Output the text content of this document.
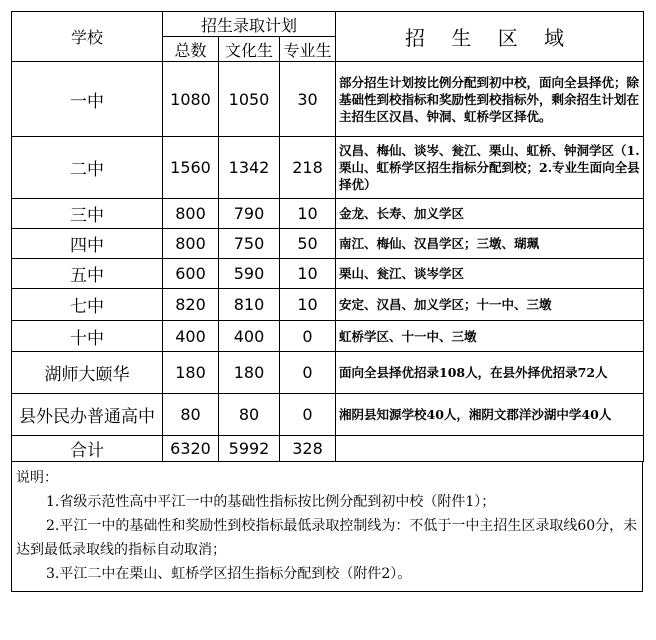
学校	招生录取计划			招 生 区 域
	总数	文化生	专业生	
一中	1080	1050	30	部分招生计划按比例分配到初中校，面向全县择优；除基础性到校指标和奖励性到校指标外，剩余招生计划在主招生区汉昌、钟洞、虹桥学区择优。
二中	1560	1342	218	汉昌、梅仙、谈岑、瓮江、栗山、虹桥、钟洞学区（1.栗山、虹桥学区招生指标分配到校；2.专业生面向全县择优）
三中	800	790	10	金龙、长寿、加义学区
四中	800	750	50	南江、梅仙、汉昌学区；三墩、瑚珮
五中	600	590	10	栗山、瓮江、谈岑学区
七中	820	810	10	安定、汉昌、加义学区；十一中、三墩
十中	400	400	0	虹桥学区、十一中、三墩
湖师大颐华	180	180	0	面向全县择优招录108人，在县外择优招录72人
县外民办普通高中	80	80	0	湘阴县知源学校40人，湘阴文郡洋沙湖中学40人
合计	6320	5992	328	

说明：

1.省级示范性高中平江一中的基础性指标按比例分配到初中校（附件1）；

2.平江一中的基础性和奖励性到校指标最低录取控制线为：不低于一中主招生区录取线60分，未达到最低录取线的指标自动取消；

3.平江二中在栗山、虹桥学区招生指标分配到校（附件2）。
